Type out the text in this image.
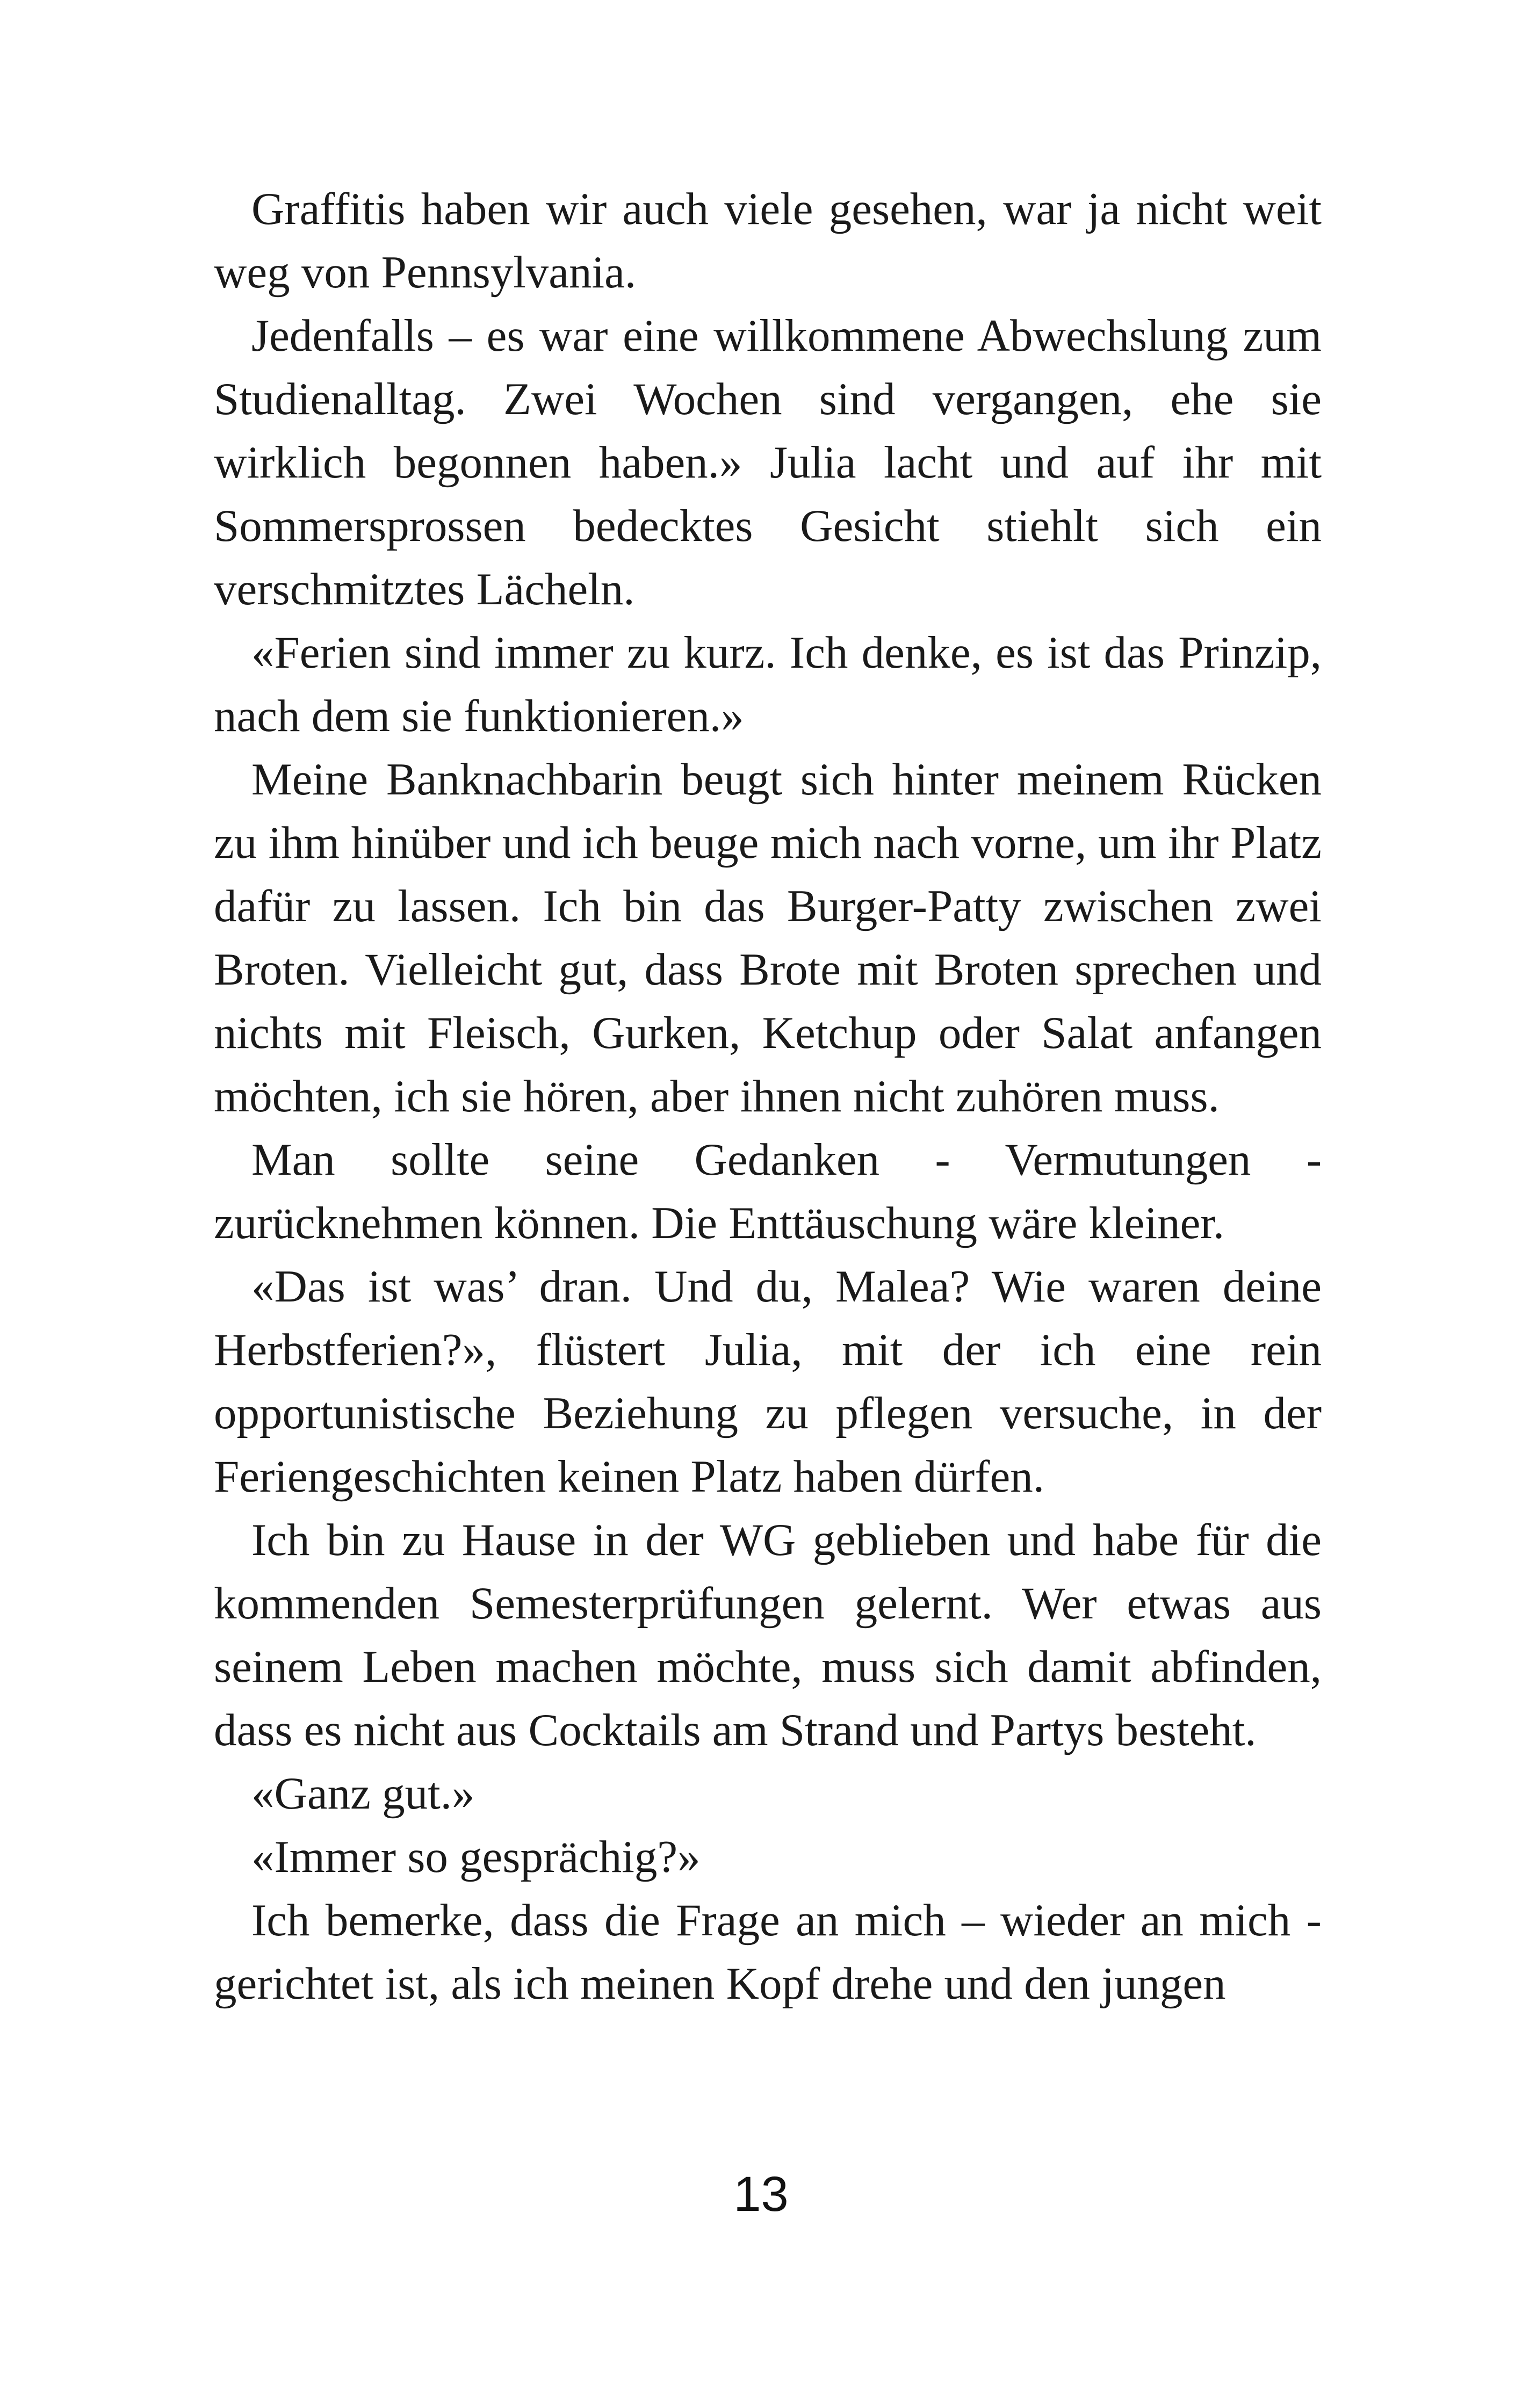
Graffitis haben wir auch viele gesehen, war ja nicht weit weg von Pennsylvania.

Jedenfalls – es war eine willkommene Abwechslung zum Studienalltag. Zwei Wochen sind vergangen, ehe sie wirklich begonnen haben.» Julia lacht und auf ihr mit Sommersprossen bedecktes Gesicht stiehlt sich ein verschmitztes Lächeln.

«Ferien sind immer zu kurz. Ich denke, es ist das Prinzip, nach dem sie funktionieren.»

Meine Banknachbarin beugt sich hinter meinem Rücken zu ihm hinüber und ich beuge mich nach vorne, um ihr Platz dafür zu lassen. Ich bin das Burger-Patty zwischen zwei Broten. Vielleicht gut, dass Brote mit Broten sprechen und nichts mit Fleisch, Gurken, Ketchup oder Salat anfangen möchten, ich sie hören, aber ihnen nicht zuhören muss.

Man sollte seine Gedanken - Vermutungen - zurücknehmen können. Die Enttäuschung wäre kleiner.

«Das ist was’ dran. Und du, Malea? Wie waren deine Herbstferien?», flüstert Julia, mit der ich eine rein opportunistische Beziehung zu pflegen versuche, in der Feriengeschichten keinen Platz haben dürfen.

Ich bin zu Hause in der WG geblieben und habe für die kommenden Semesterprüfungen gelernt. Wer etwas aus seinem Leben machen möchte, muss sich damit abfinden, dass es nicht aus Cocktails am Strand und Partys besteht.

«Ganz gut.»

«Immer so gesprächig?»

Ich bemerke, dass die Frage an mich – wieder an mich - gerichtet ist, als ich meinen Kopf drehe und den jungen

13
